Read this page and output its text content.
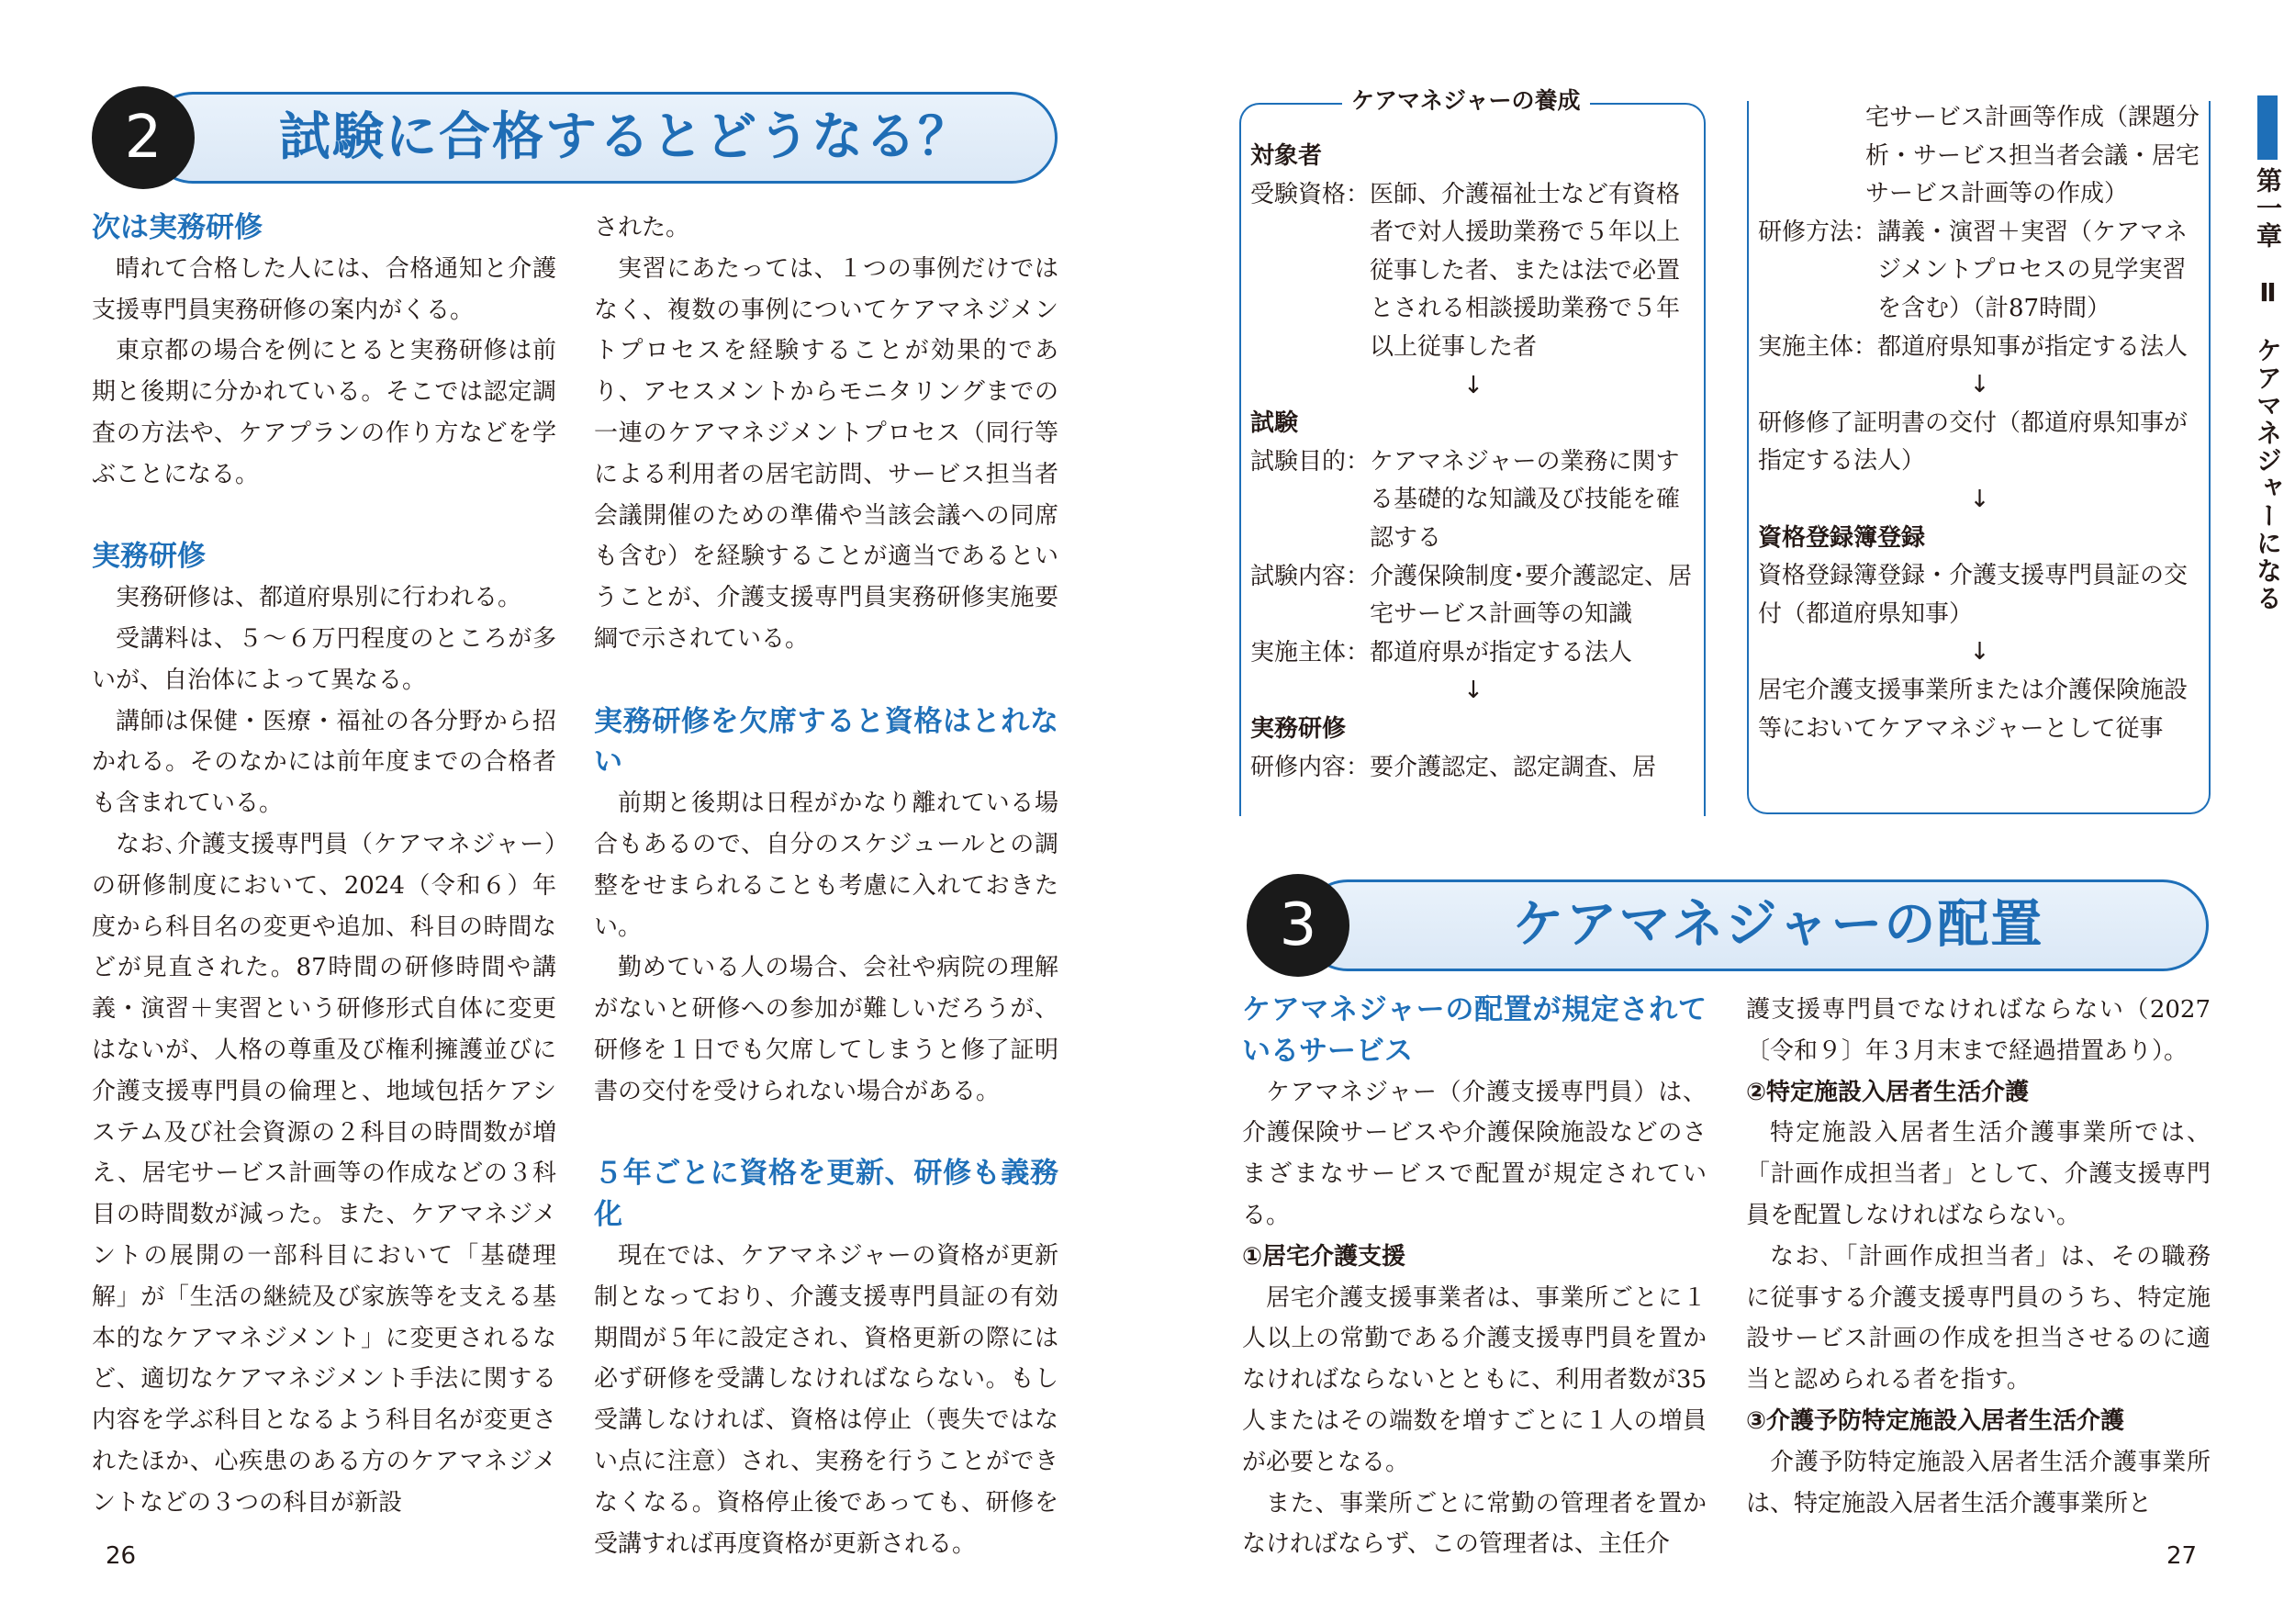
試験に合格するとどうなる？
2
次は実務研修

晴れて合格した人には、合格通知と介護支援専門員実務研修の案内がくる。

東京都の場合を例にとると実務研修は前期と後期に分かれている。そこでは認定調査の方法や、ケアプランの作り方などを学ぶことになる。

実務研修

実務研修は、都道府県別に行われる。

受講料は、５～６万円程度のところが多いが、自治体によって異なる。

講師は保健・医療・福祉の各分野から招かれる。そのなかには前年度までの合格者も含まれている。

なお､介護支援専門員（ケアマネジャー）の研修制度において、2024（令和６）年度から科目名の変更や追加、科目の時間などが見直された。87時間の研修時間や講義・演習＋実習という研修形式自体に変更はないが、人格の尊重及び権利擁護並びに介護支援専門員の倫理と、地域包括ケアシステム及び社会資源の２科目の時間数が増え、居宅サービス計画等の作成などの３科目の時間数が減った。また、ケアマネジメントの展開の一部科目において「基礎理解」が「生活の継続及び家族等を支える基本的なケアマネジメント」に変更されるなど、適切なケアマネジメント手法に関する内容を学ぶ科目となるよう科目名が変更されたほか、心疾患のある方のケアマネジメントなどの３つの科目が新設

された。

実習にあたっては、１つの事例だけではなく、複数の事例についてケアマネジメントプロセスを経験することが効果的であり、アセスメントからモニタリングまでの一連のケアマネジメントプロセス（同行等による利用者の居宅訪問、サービス担当者会議開催のための準備や当該会議への同席も含む）を経験することが適当であるということが、介護支援専門員実務研修実施要綱で示されている。

実務研修を欠席すると資格はとれない

前期と後期は日程がかなり離れている場合もあるので、自分のスケジュールとの調整をせまられることも考慮に入れておきたい。

勤めている人の場合、会社や病院の理解がないと研修への参加が難しいだろうが、研修を１日でも欠席してしまうと修了証明書の交付を受けられない場合がある。

５年ごとに資格を更新、研修も義務化

現在では、ケアマネジャーの資格が更新制となっており、介護支援専門員証の有効期間が５年に設定され、資格更新の際には必ず研修を受講しなければならない。もし受講しなければ、資格は停止（喪失ではない点に注意）され、実務を行うことができなくなる。資格停止後であっても、研修を受講すれば再度資格が更新される。

26
ケアマネジャーの養成
対象者
受験資格： 医師、介護福祉士など有資格者で対人援助業務で５年以上従事した者、または法で必置とされる相談援助業務で５年以上従事した者
↓
試験
試験目的： ケアマネジャーの業務に関する基礎的な知識及び技能を確認する
試験内容： 介護保険制度･要介護認定、居宅サービス計画等の知識
実施主体： 都道府県が指定する法人
↓
実務研修
研修内容： 要介護認定、認定調査、居
宅サービス計画等作成（課題分析・サービス担当者会議・居宅サービス計画等の作成）
研修方法： 講義・演習＋実習（ケアマネジメントプロセスの見学実習を含む）（計87時間）
実施主体： 都道府県知事が指定する法人
↓
研修修了証明書の交付（都道府県知事が指定する法人）
↓
資格登録簿登録
資格登録簿登録・介護支援専門員証の交付（都道府県知事）
↓
居宅介護支援事業所または介護保険施設等においてケアマネジャーとして従事
ケアマネジャーの配置
3
ケアマネジャーの配置が規定されているサービス

ケアマネジャー（介護支援専門員）は、介護保険サービスや介護保険施設などのさまざまなサービスで配置が規定されている。

①居宅介護支援

居宅介護支援事業者は、事業所ごとに１人以上の常勤である介護支援専門員を置かなければならないとともに、利用者数が35人またはその端数を増すごとに１人の増員が必要となる。

また、事業所ごとに常勤の管理者を置かなければならず、この管理者は、主任介

護支援専門員でなければならない（2027〔令和９〕年３月末まで経過措置あり）。

②特定施設入居者生活介護

特定施設入居者生活介護事業所では、「計画作成担当者」として、介護支援専門員を配置しなければならない。

なお､「計画作成担当者」は、その職務に従事する介護支援専門員のうち、特定施設サービス計画の作成を担当させるのに適当と認められる者を指す。

③介護予防特定施設入居者生活介護

介護予防特定施設入居者生活介護事業所は、特定施設入居者生活介護事業所と

27
第一章　Ⅱ　ケアマネジャーになる
